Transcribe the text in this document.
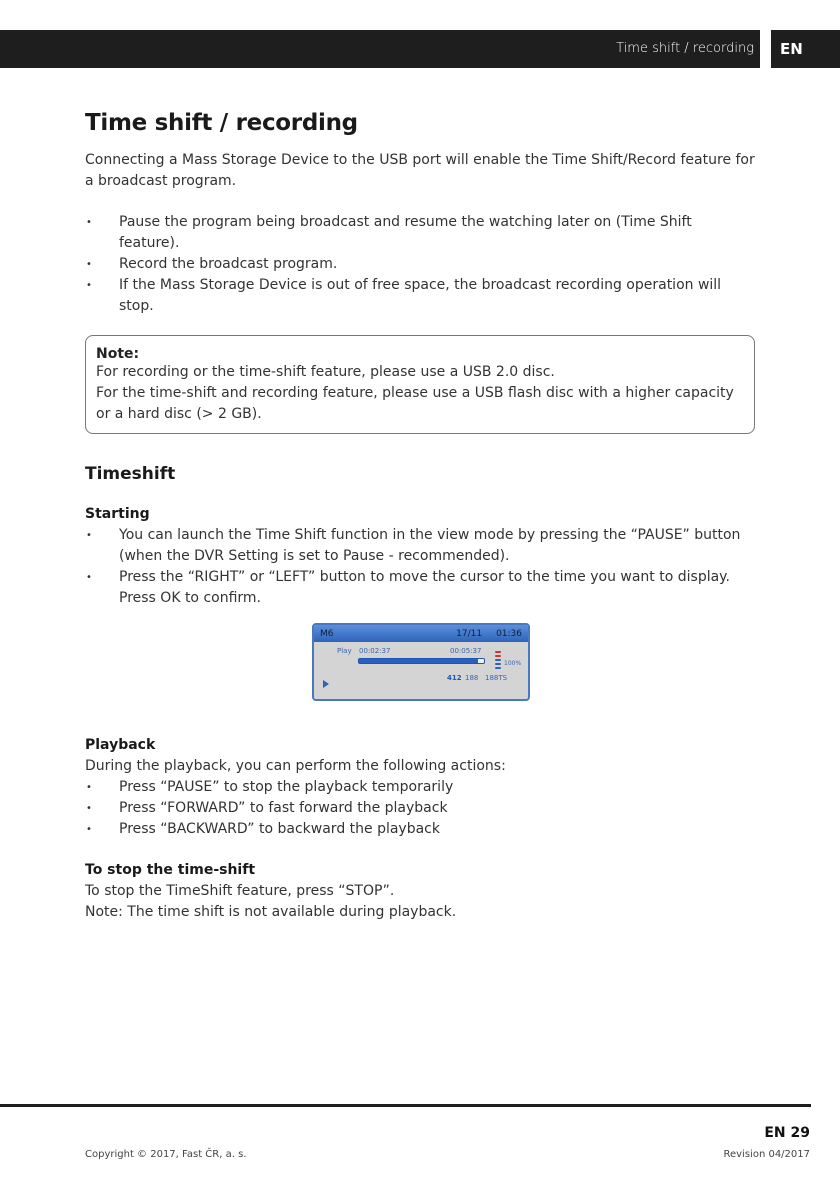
Time shift / recording	EN
Time shift / recording

Connecting a Mass Storage Device to the USB port will enable the Time Shift/Record feature for a broadcast program.

• Pause the program being broadcast and resume the watching later on (Time Shift feature).
• Record the broadcast program.
• If the Mass Storage Device is out of free space, the broadcast recording operation will stop.
Note:

For recording or the time-shift feature, please use a USB 2.0 disc.

For the time-shift and recording feature, please use a USB flash disc with a higher capacity or a hard disc (> 2 GB).

Timeshift
Starting
• You can launch the Time Shift function in the view mode by pressing the “PAUSE” button (when the DVR Setting is set to Pause - recommended).
• Press the “RIGHT” or “LEFT” button to move the cursor to the time you want to display. Press OK to confirm.
M6	17/11 01:36
Play 00:02:37	00:05:37
100%
412 188 188TS
Playback

During the playback, you can perform the following actions:

• Press “PAUSE” to stop the playback temporarily
• Press “FORWARD” to fast forward the playback
• Press “BACKWARD” to backward the playback
To stop the time-shift

To stop the TimeShift feature, press “STOP”.

Note: The time shift is not available during playback.

EN 29
Copyright © 2017, Fast ČR, a. s.	Revision 04/2017
